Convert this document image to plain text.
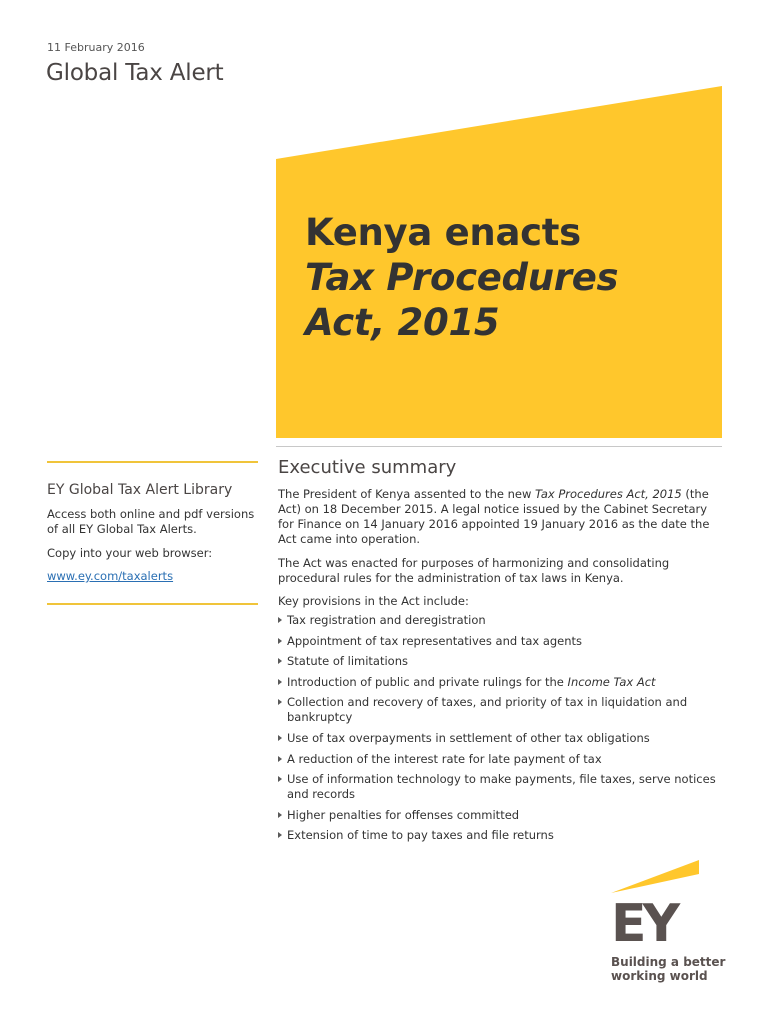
11 February 2016
Global Tax Alert
Kenya enacts
Tax Procedures
Act, 2015
EY Global Tax Alert Library
Access both online and pdf versions of all EY Global Tax Alerts.
Copy into your web browser:
www.ey.com/taxalerts
Executive summary
The President of Kenya assented to the new Tax Procedures Act, 2015 (the Act) on 18 December 2015. A legal notice issued by the Cabinet Secretary for Finance on 14 January 2016 appointed 19 January 2016 as the date the Act came into operation.
The Act was enacted for purposes of harmonizing and consolidating procedural rules for the administration of tax laws in Kenya.
Key provisions in the Act include:
Tax registration and deregistration
Appointment of tax representatives and tax agents
Statute of limitations
Introduction of public and private rulings for the Income Tax Act
Collection and recovery of taxes, and priority of tax in liquidation and bankruptcy
Use of tax overpayments in settlement of other tax obligations
A reduction of the interest rate for late payment of tax
Use of information technology to make payments, file taxes, serve notices and records
Higher penalties for offenses committed
Extension of time to pay taxes and file returns
EY
Building a better
working world
